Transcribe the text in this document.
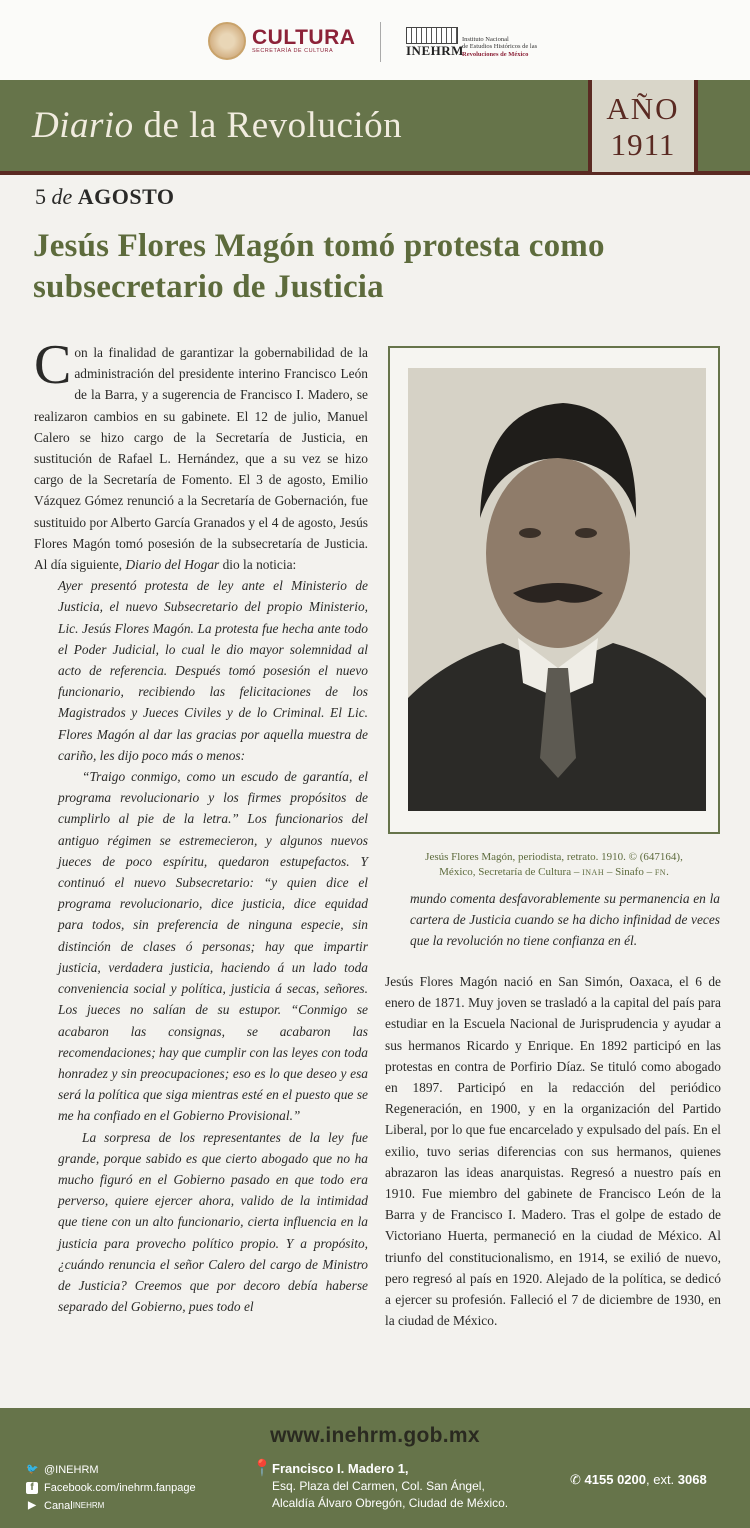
CULTURA
SECRETARÍA DE CULTURA	INEHRM
Instituto Nacional
de Estudios Históricos de las
Revoluciones de México
Diario de la Revolución	AÑO
1911
5 de AGOSTO
Jesús Flores Magón tomó protesta como subsecretario de Justicia

Con la finalidad de garantizar la gobernabilidad de la administración del presidente interino Francisco León de la Barra, y a sugerencia de Francisco I. Madero, se realizaron cambios en su gabinete. El 12 de julio, Manuel Calero se hizo cargo de la Secretaría de Justicia, en sustitución de Rafael L. Hernández, que a su vez se hizo cargo de la Secretaría de Fomento. El 3 de agosto, Emilio Vázquez Gómez renunció a la Secretaría de Gobernación, fue sustituido por Alberto García Granados y el 4 de agosto, Jesús Flores Magón tomó posesión de la subsecretaría de Justicia. Al día siguiente, Diario del Hogar dio la noticia:

Ayer presentó protesta de ley ante el Ministerio de Justicia, el nuevo Subsecretario del propio Ministerio, Lic. Jesús Flores Magón. La protesta fue hecha ante todo el Poder Judicial, lo cual le dio mayor solemnidad al acto de referencia. Después tomó posesión el nuevo funcionario, recibiendo las felicitaciones de los Magistrados y Jueces Civiles y de lo Criminal. El Lic. Flores Magón al dar las gracias por aquella muestra de cariño, les dijo poco más o menos:

“Traigo conmigo, como un escudo de garantía, el programa revolucionario y los firmes propósitos de cumplirlo al pie de la letra.” Los funcionarios del antiguo régimen se estremecieron, y algunos nuevos jueces de poco espíritu, quedaron estupefactos. Y continuó el nuevo Subsecretario: “y quien dice el programa revolucionario, dice justicia, dice equidad para todos, sin preferencia de ninguna especie, sin distinción de clases ó personas; hay que impartir justicia, verdadera justicia, haciendo á un lado toda conveniencia social y política, justicia á secas, señores. Los jueces no salían de su estupor. “Conmigo se acabaron las consignas, se acabaron las recomendaciones; hay que cumplir con las leyes con toda honradez y sin preocupaciones; eso es lo que deseo y esa será la política que siga mientras esté en el puesto que se me ha confiado en el Gobierno Provisional.”

La sorpresa de los representantes de la ley fue grande, porque sabido es que cierto abogado que no ha mucho figuró en el Gobierno pasado en que todo era perverso, quiere ejercer ahora, valido de la intimidad que tiene con un alto funcionario, cierta influencia en la justicia para provecho político propio. Y a propósito, ¿cuándo renuncia el señor Calero del cargo de Ministro de Justicia? Creemos que por decoro debía haberse separado del Gobierno, pues todo el

Jesús Flores Magón, periodista, retrato. 1910. © (647164),
México, Secretaría de Cultura – INAH – Sinafo – FN.
mundo comenta desfavorablemente su permanencia en la cartera de Justicia cuando se ha dicho infinidad de veces que la revolución no tiene confianza en él.
Jesús Flores Magón nació en San Simón, Oaxaca, el 6 de enero de 1871. Muy joven se trasladó a la capital del país para estudiar en la Escuela Nacional de Jurisprudencia y ayudar a sus hermanos Ricardo y Enrique. En 1892 participó en las protestas en contra de Porfirio Díaz. Se tituló como abogado en 1897. Participó en la redacción del periódico Regeneración, en 1900, y en la organización del Partido Liberal, por lo que fue encarcelado y expulsado del país. En el exilio, tuvo serias diferencias con sus hermanos, quienes abrazaron las ideas anarquistas. Regresó a nuestro país en 1910. Fue miembro del gabinete de Francisco León de la Barra y de Francisco I. Madero. Tras el golpe de estado de Victoriano Huerta, permaneció en la ciudad de México. Al triunfo del constitucionalismo, en 1914, se exilió de nuevo, pero regresó al país en 1920. Alejado de la política, se dedicó a ejercer su profesión. Falleció el 7 de diciembre de 1930, en la ciudad de México.
www.inehrm.gob.mx
🐦 @INEHRM
f Facebook.com/inehrm.fanpage
▶ Canal INEHRM
📍 Francisco I. Madero 1,
Esq. Plaza del Carmen, Col. San Ángel,
Alcaldía Álvaro Obregón, Ciudad de México.
✆ 4155 0200, ext. 3068
